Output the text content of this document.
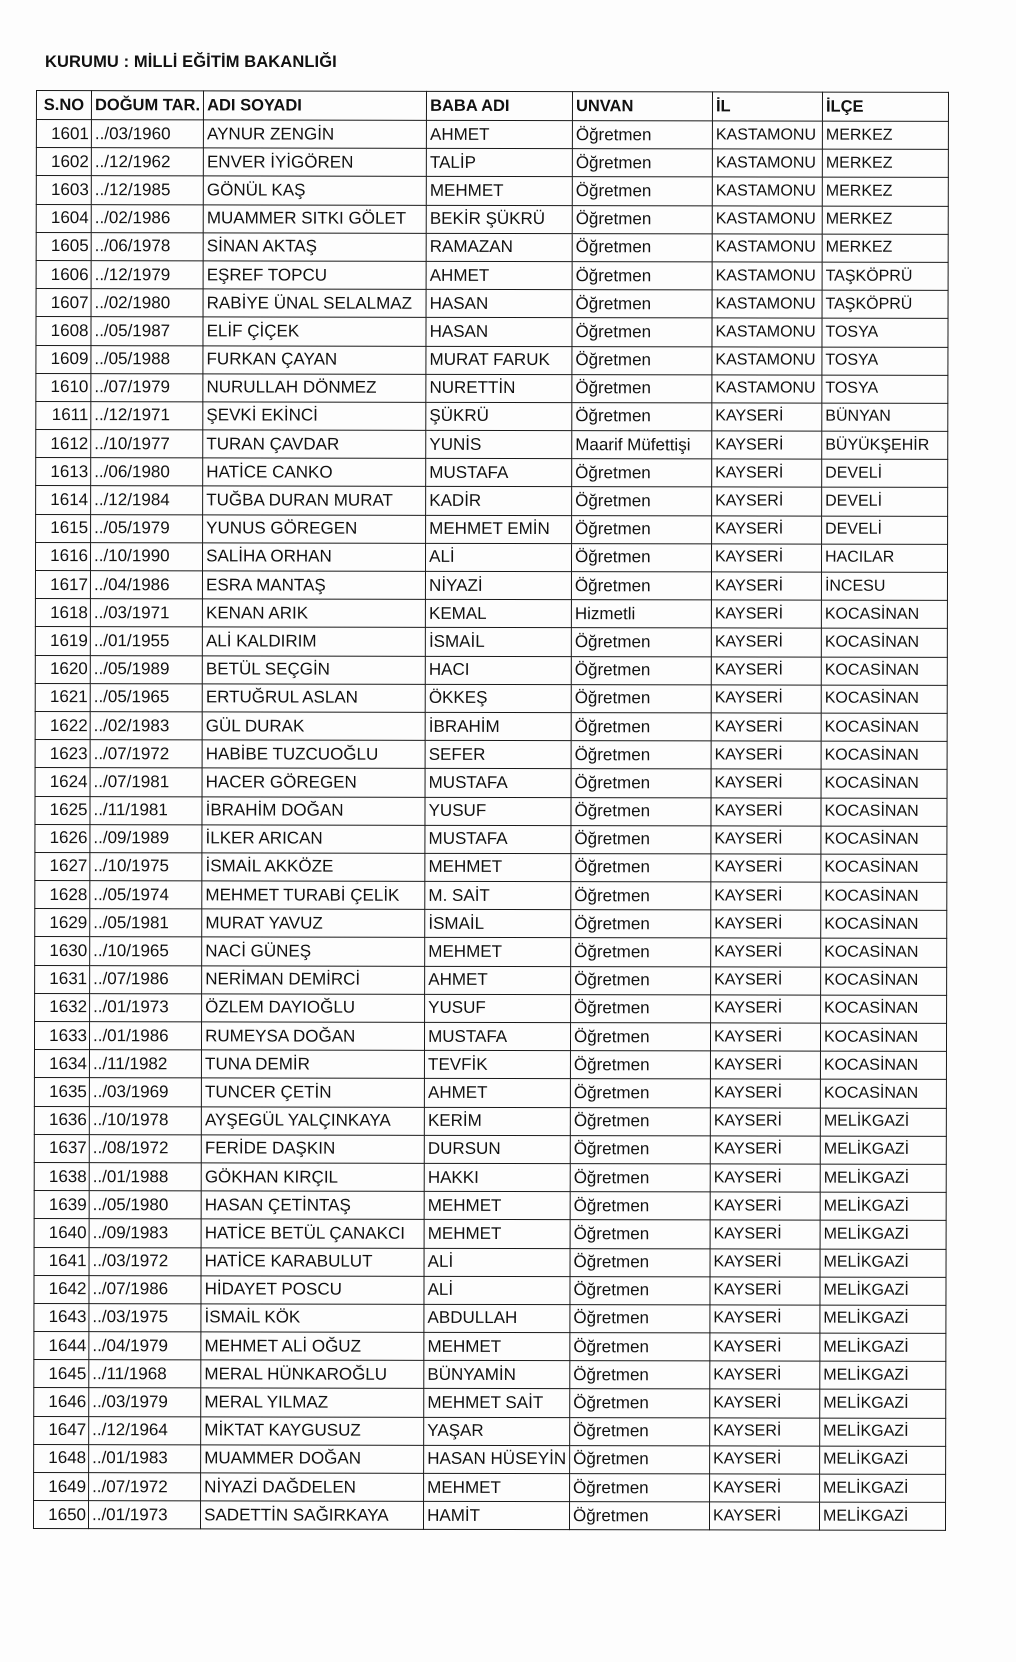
KURUMU : MİLLİ EĞİTİM BAKANLIĞI
S.NO	DOĞUM TAR.	ADI SOYADI	BABA ADI	UNVAN	İL	İLÇE
1601	../03/1960	AYNUR ZENGİN	AHMET	Öğretmen	KASTAMONU	MERKEZ
1602	../12/1962	ENVER İYİGÖREN	TALİP	Öğretmen	KASTAMONU	MERKEZ
1603	../12/1985	GÖNÜL KAŞ	MEHMET	Öğretmen	KASTAMONU	MERKEZ
1604	../02/1986	MUAMMER SITKI GÖLET	BEKİR ŞÜKRÜ	Öğretmen	KASTAMONU	MERKEZ
1605	../06/1978	SİNAN AKTAŞ	RAMAZAN	Öğretmen	KASTAMONU	MERKEZ
1606	../12/1979	EŞREF TOPCU	AHMET	Öğretmen	KASTAMONU	TAŞKÖPRÜ
1607	../02/1980	RABİYE ÜNAL SELALMAZ	HASAN	Öğretmen	KASTAMONU	TAŞKÖPRÜ
1608	../05/1987	ELİF ÇİÇEK	HASAN	Öğretmen	KASTAMONU	TOSYA
1609	../05/1988	FURKAN ÇAYAN	MURAT FARUK	Öğretmen	KASTAMONU	TOSYA
1610	../07/1979	NURULLAH DÖNMEZ	NURETTİN	Öğretmen	KASTAMONU	TOSYA
1611	../12/1971	ŞEVKİ EKİNCİ	ŞÜKRÜ	Öğretmen	KAYSERİ	BÜNYAN
1612	../10/1977	TURAN ÇAVDAR	YUNİS	Maarif Müfettişi	KAYSERİ	BÜYÜKŞEHİR
1613	../06/1980	HATİCE CANKO	MUSTAFA	Öğretmen	KAYSERİ	DEVELİ
1614	../12/1984	TUĞBA DURAN MURAT	KADİR	Öğretmen	KAYSERİ	DEVELİ
1615	../05/1979	YUNUS GÖREGEN	MEHMET EMİN	Öğretmen	KAYSERİ	DEVELİ
1616	../10/1990	SALİHA ORHAN	ALİ	Öğretmen	KAYSERİ	HACILAR
1617	../04/1986	ESRA MANTAŞ	NİYAZİ	Öğretmen	KAYSERİ	İNCESU
1618	../03/1971	KENAN ARIK	KEMAL	Hizmetli	KAYSERİ	KOCASİNAN
1619	../01/1955	ALİ KALDIRIM	İSMAİL	Öğretmen	KAYSERİ	KOCASİNAN
1620	../05/1989	BETÜL SEÇGİN	HACI	Öğretmen	KAYSERİ	KOCASİNAN
1621	../05/1965	ERTUĞRUL ASLAN	ÖKKEŞ	Öğretmen	KAYSERİ	KOCASİNAN
1622	../02/1983	GÜL DURAK	İBRAHİM	Öğretmen	KAYSERİ	KOCASİNAN
1623	../07/1972	HABİBE TUZCUOĞLU	SEFER	Öğretmen	KAYSERİ	KOCASİNAN
1624	../07/1981	HACER GÖREGEN	MUSTAFA	Öğretmen	KAYSERİ	KOCASİNAN
1625	../11/1981	İBRAHİM DOĞAN	YUSUF	Öğretmen	KAYSERİ	KOCASİNAN
1626	../09/1989	İLKER ARICAN	MUSTAFA	Öğretmen	KAYSERİ	KOCASİNAN
1627	../10/1975	İSMAİL AKKÖZE	MEHMET	Öğretmen	KAYSERİ	KOCASİNAN
1628	../05/1974	MEHMET TURABİ ÇELİK	M. SAİT	Öğretmen	KAYSERİ	KOCASİNAN
1629	../05/1981	MURAT YAVUZ	İSMAİL	Öğretmen	KAYSERİ	KOCASİNAN
1630	../10/1965	NACİ GÜNEŞ	MEHMET	Öğretmen	KAYSERİ	KOCASİNAN
1631	../07/1986	NERİMAN DEMİRCİ	AHMET	Öğretmen	KAYSERİ	KOCASİNAN
1632	../01/1973	ÖZLEM DAYIOĞLU	YUSUF	Öğretmen	KAYSERİ	KOCASİNAN
1633	../01/1986	RUMEYSA DOĞAN	MUSTAFA	Öğretmen	KAYSERİ	KOCASİNAN
1634	../11/1982	TUNA DEMİR	TEVFİK	Öğretmen	KAYSERİ	KOCASİNAN
1635	../03/1969	TUNCER ÇETİN	AHMET	Öğretmen	KAYSERİ	KOCASİNAN
1636	../10/1978	AYŞEGÜL YALÇINKAYA	KERİM	Öğretmen	KAYSERİ	MELİKGAZİ
1637	../08/1972	FERİDE DAŞKIN	DURSUN	Öğretmen	KAYSERİ	MELİKGAZİ
1638	../01/1988	GÖKHAN KIRÇIL	HAKKI	Öğretmen	KAYSERİ	MELİKGAZİ
1639	../05/1980	HASAN ÇETİNTAŞ	MEHMET	Öğretmen	KAYSERİ	MELİKGAZİ
1640	../09/1983	HATİCE BETÜL ÇANAKCI	MEHMET	Öğretmen	KAYSERİ	MELİKGAZİ
1641	../03/1972	HATİCE KARABULUT	ALİ	Öğretmen	KAYSERİ	MELİKGAZİ
1642	../07/1986	HİDAYET POSCU	ALİ	Öğretmen	KAYSERİ	MELİKGAZİ
1643	../03/1975	İSMAİL KÖK	ABDULLAH	Öğretmen	KAYSERİ	MELİKGAZİ
1644	../04/1979	MEHMET ALİ OĞUZ	MEHMET	Öğretmen	KAYSERİ	MELİKGAZİ
1645	../11/1968	MERAL HÜNKAROĞLU	BÜNYAMİN	Öğretmen	KAYSERİ	MELİKGAZİ
1646	../03/1979	MERAL YILMAZ	MEHMET SAİT	Öğretmen	KAYSERİ	MELİKGAZİ
1647	../12/1964	MİKTAT KAYGUSUZ	YAŞAR	Öğretmen	KAYSERİ	MELİKGAZİ
1648	../01/1983	MUAMMER DOĞAN	HASAN HÜSEYİN	Öğretmen	KAYSERİ	MELİKGAZİ
1649	../07/1972	NİYAZİ DAĞDELEN	MEHMET	Öğretmen	KAYSERİ	MELİKGAZİ
1650	../01/1973	SADETTİN SAĞIRKAYA	HAMİT	Öğretmen	KAYSERİ	MELİKGAZİ
